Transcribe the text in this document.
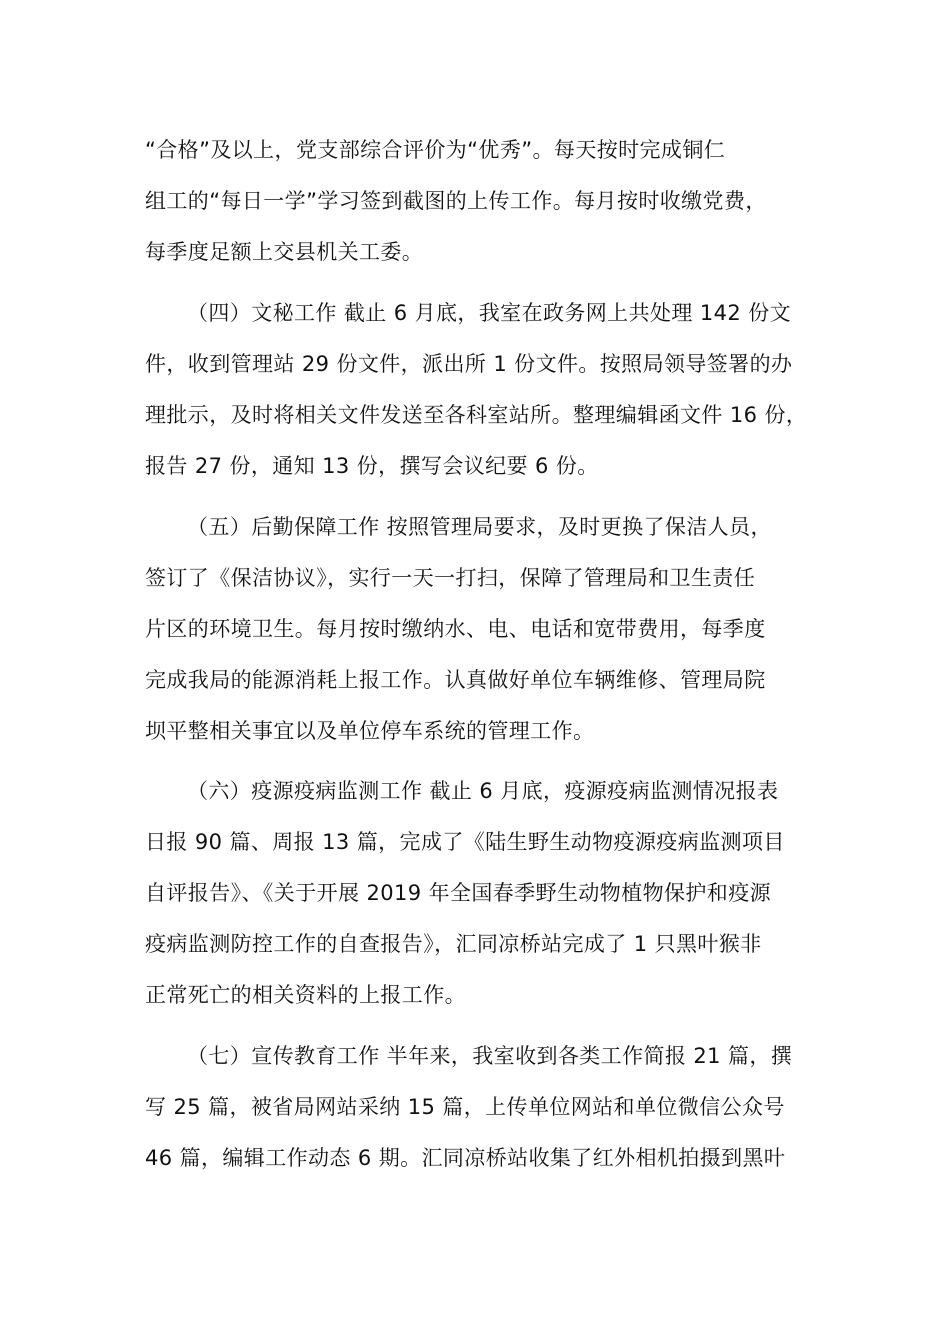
“合格”及以上，党支部综合评价为“优秀”。每天按时完成铜仁
组工的“每日一学”学习签到截图的上传工作。每月按时收缴党费，
每季度足额上交县机关工委。
（四）文秘工作 截止 6 月底，我室在政务网上共处理 142 份文
件，收到管理站 29 份文件，派出所 1 份文件。按照局领导签署的办
理批示，及时将相关文件发送至各科室站所。整理编辑函文件 16 份，
报告 27 份，通知 13 份，撰写会议纪要 6 份。
（五）后勤保障工作 按照管理局要求，及时更换了保洁人员，
签订了《保洁协议》，实行一天一打扫，保障了管理局和卫生责任
片区的环境卫生。每月按时缴纳水、电、电话和宽带费用，每季度
完成我局的能源消耗上报工作。认真做好单位车辆维修、管理局院
坝平整相关事宜以及单位停车系统的管理工作。
（六）疫源疫病监测工作 截止 6 月底，疫源疫病监测情况报表
日报 90 篇、周报 13 篇，完成了《陆生野生动物疫源疫病监测项目
自评报告》、《关于开展 2019 年全国春季野生动物植物保护和疫源
疫病监测防控工作的自查报告》，汇同凉桥站完成了 1 只黑叶猴非
正常死亡的相关资料的上报工作。
（七）宣传教育工作 半年来，我室收到各类工作简报 21 篇，撰
写 25 篇，被省局网站采纳 15 篇，上传单位网站和单位微信公众号
46 篇，编辑工作动态 6 期。汇同凉桥站收集了红外相机拍摄到黑叶
